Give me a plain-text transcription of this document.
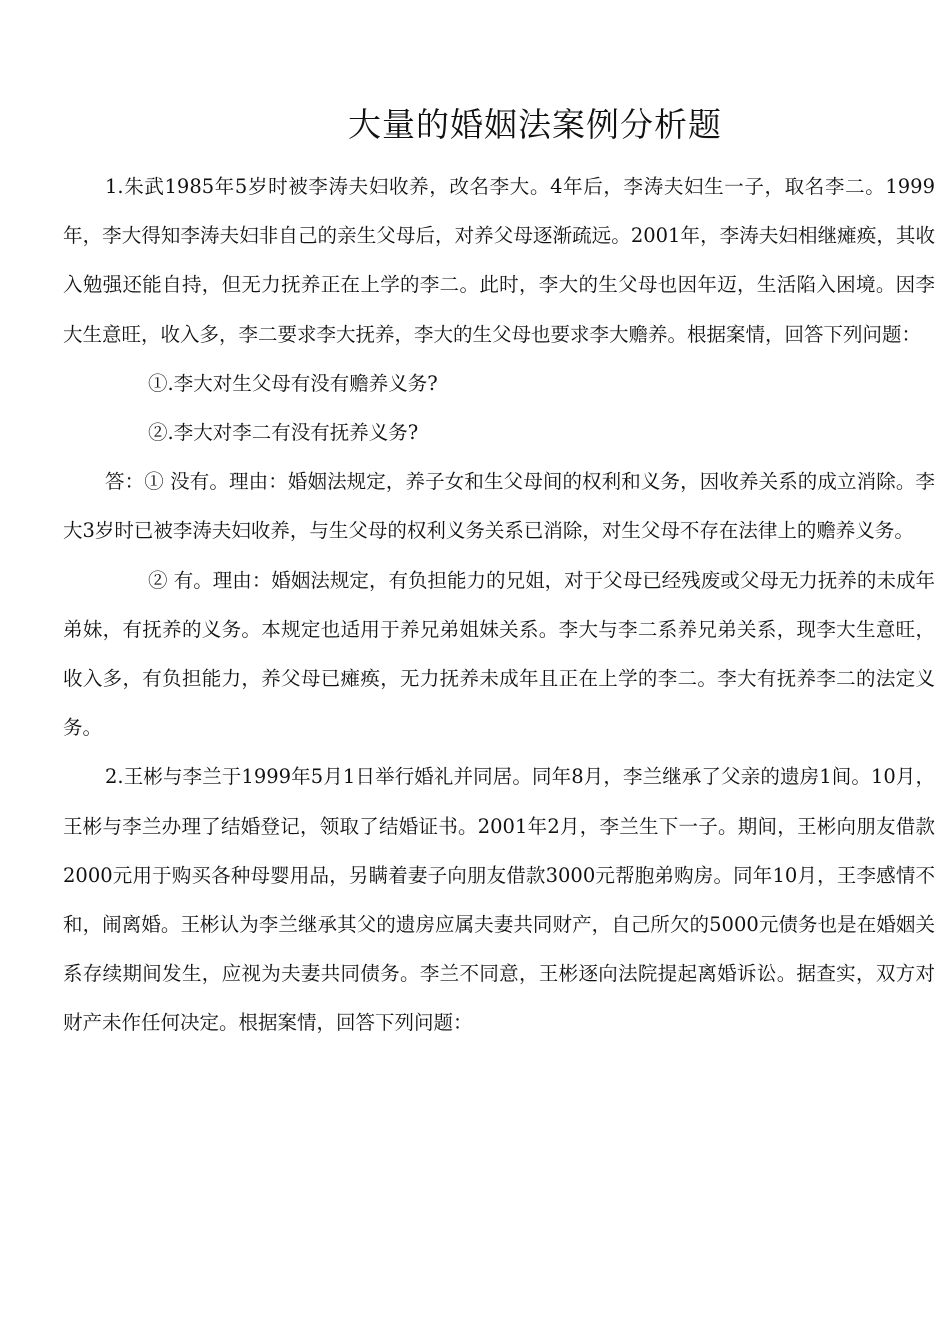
大量的婚姻法案例分析题

1.朱武1985年5岁时被李涛夫妇收养，改名李大。4年后，李涛夫妇生一子，取名李二。1999年，李大得知李涛夫妇非自己的亲生父母后，对养父母逐渐疏远。2001年，李涛夫妇相继瘫痪，其收入勉强还能自持，但无力抚养正在上学的李二。此时，李大的生父母也因年迈，生活陷入困境。因李大生意旺，收入多，李二要求李大抚养，李大的生父母也要求李大赡养。根据案情，回答下列问题：

①.李大对生父母有没有赡养义务?

②.李大对李二有没有抚养义务?

答：① 没有。理由：婚姻法规定，养子女和生父母间的权利和义务，因收养关系的成立消除。李大3岁时已被李涛夫妇收养，与生父母的权利义务关系已消除，对生父母不存在法律上的赡养义务。

② 有。理由：婚姻法规定，有负担能力的兄姐，对于父母已经残废或父母无力抚养的未成年弟妹，有抚养的义务。本规定也适用于养兄弟姐妹关系。李大与李二系养兄弟关系，现李大生意旺，收入多，有负担能力，养父母已瘫痪，无力抚养未成年且正在上学的李二。李大有抚养李二的法定义务。

2.王彬与李兰于1999年5月1日举行婚礼并同居。同年8月，李兰继承了父亲的遗房1间。10月，王彬与李兰办理了结婚登记，领取了结婚证书。2001年2月，李兰生下一子。期间，王彬向朋友借款2000元用于购买各种母婴用品，另瞒着妻子向朋友借款3000元帮胞弟购房。同年10月，王李感情不和，闹离婚。王彬认为李兰继承其父的遗房应属夫妻共同财产，自己所欠的5000元债务也是在婚姻关系存续期间发生，应视为夫妻共同债务。李兰不同意，王彬逐向法院提起离婚诉讼。据查实，双方对财产未作任何决定。根据案情，回答下列问题：
